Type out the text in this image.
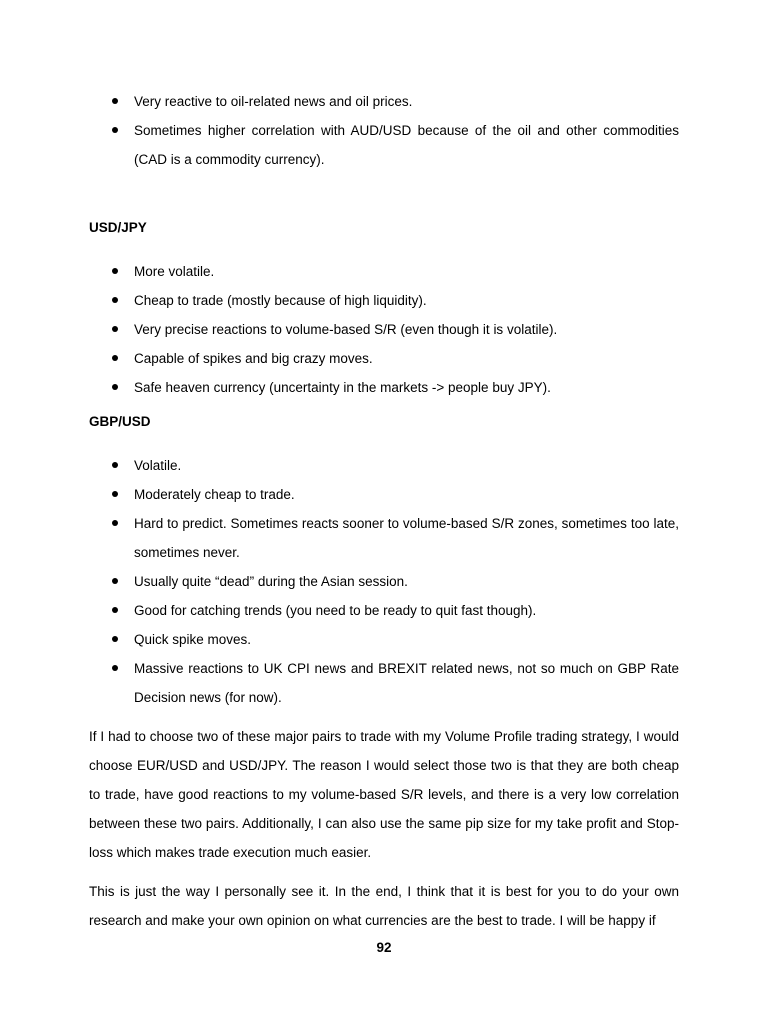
Very reactive to oil-related news and oil prices.
Sometimes higher correlation with AUD/USD because of the oil and other commodities (CAD is a commodity currency).
USD/JPY
More volatile.
Cheap to trade (mostly because of high liquidity).
Very precise reactions to volume-based S/R (even though it is volatile).
Capable of spikes and big crazy moves.
Safe heaven currency (uncertainty in the markets -> people buy JPY).
GBP/USD
Volatile.
Moderately cheap to trade.
Hard to predict. Sometimes reacts sooner to volume-based S/R zones, sometimes too late, sometimes never.
Usually quite “dead” during the Asian session.
Good for catching trends (you need to be ready to quit fast though).
Quick spike moves.
Massive reactions to UK CPI news and BREXIT related news, not so much on GBP Rate Decision news (for now).

If I had to choose two of these major pairs to trade with my Volume Profile trading strategy, I would choose EUR/USD and USD/JPY. The reason I would select those two is that they are both cheap to trade, have good reactions to my volume-based S/R levels, and there is a very low correlation between these two pairs. Additionally, I can also use the same pip size for my take profit and Stop-loss which makes trade execution much easier.

This is just the way I personally see it. In the end, I think that it is best for you to do your own research and make your own opinion on what currencies are the best to trade. I will be happy if

92
